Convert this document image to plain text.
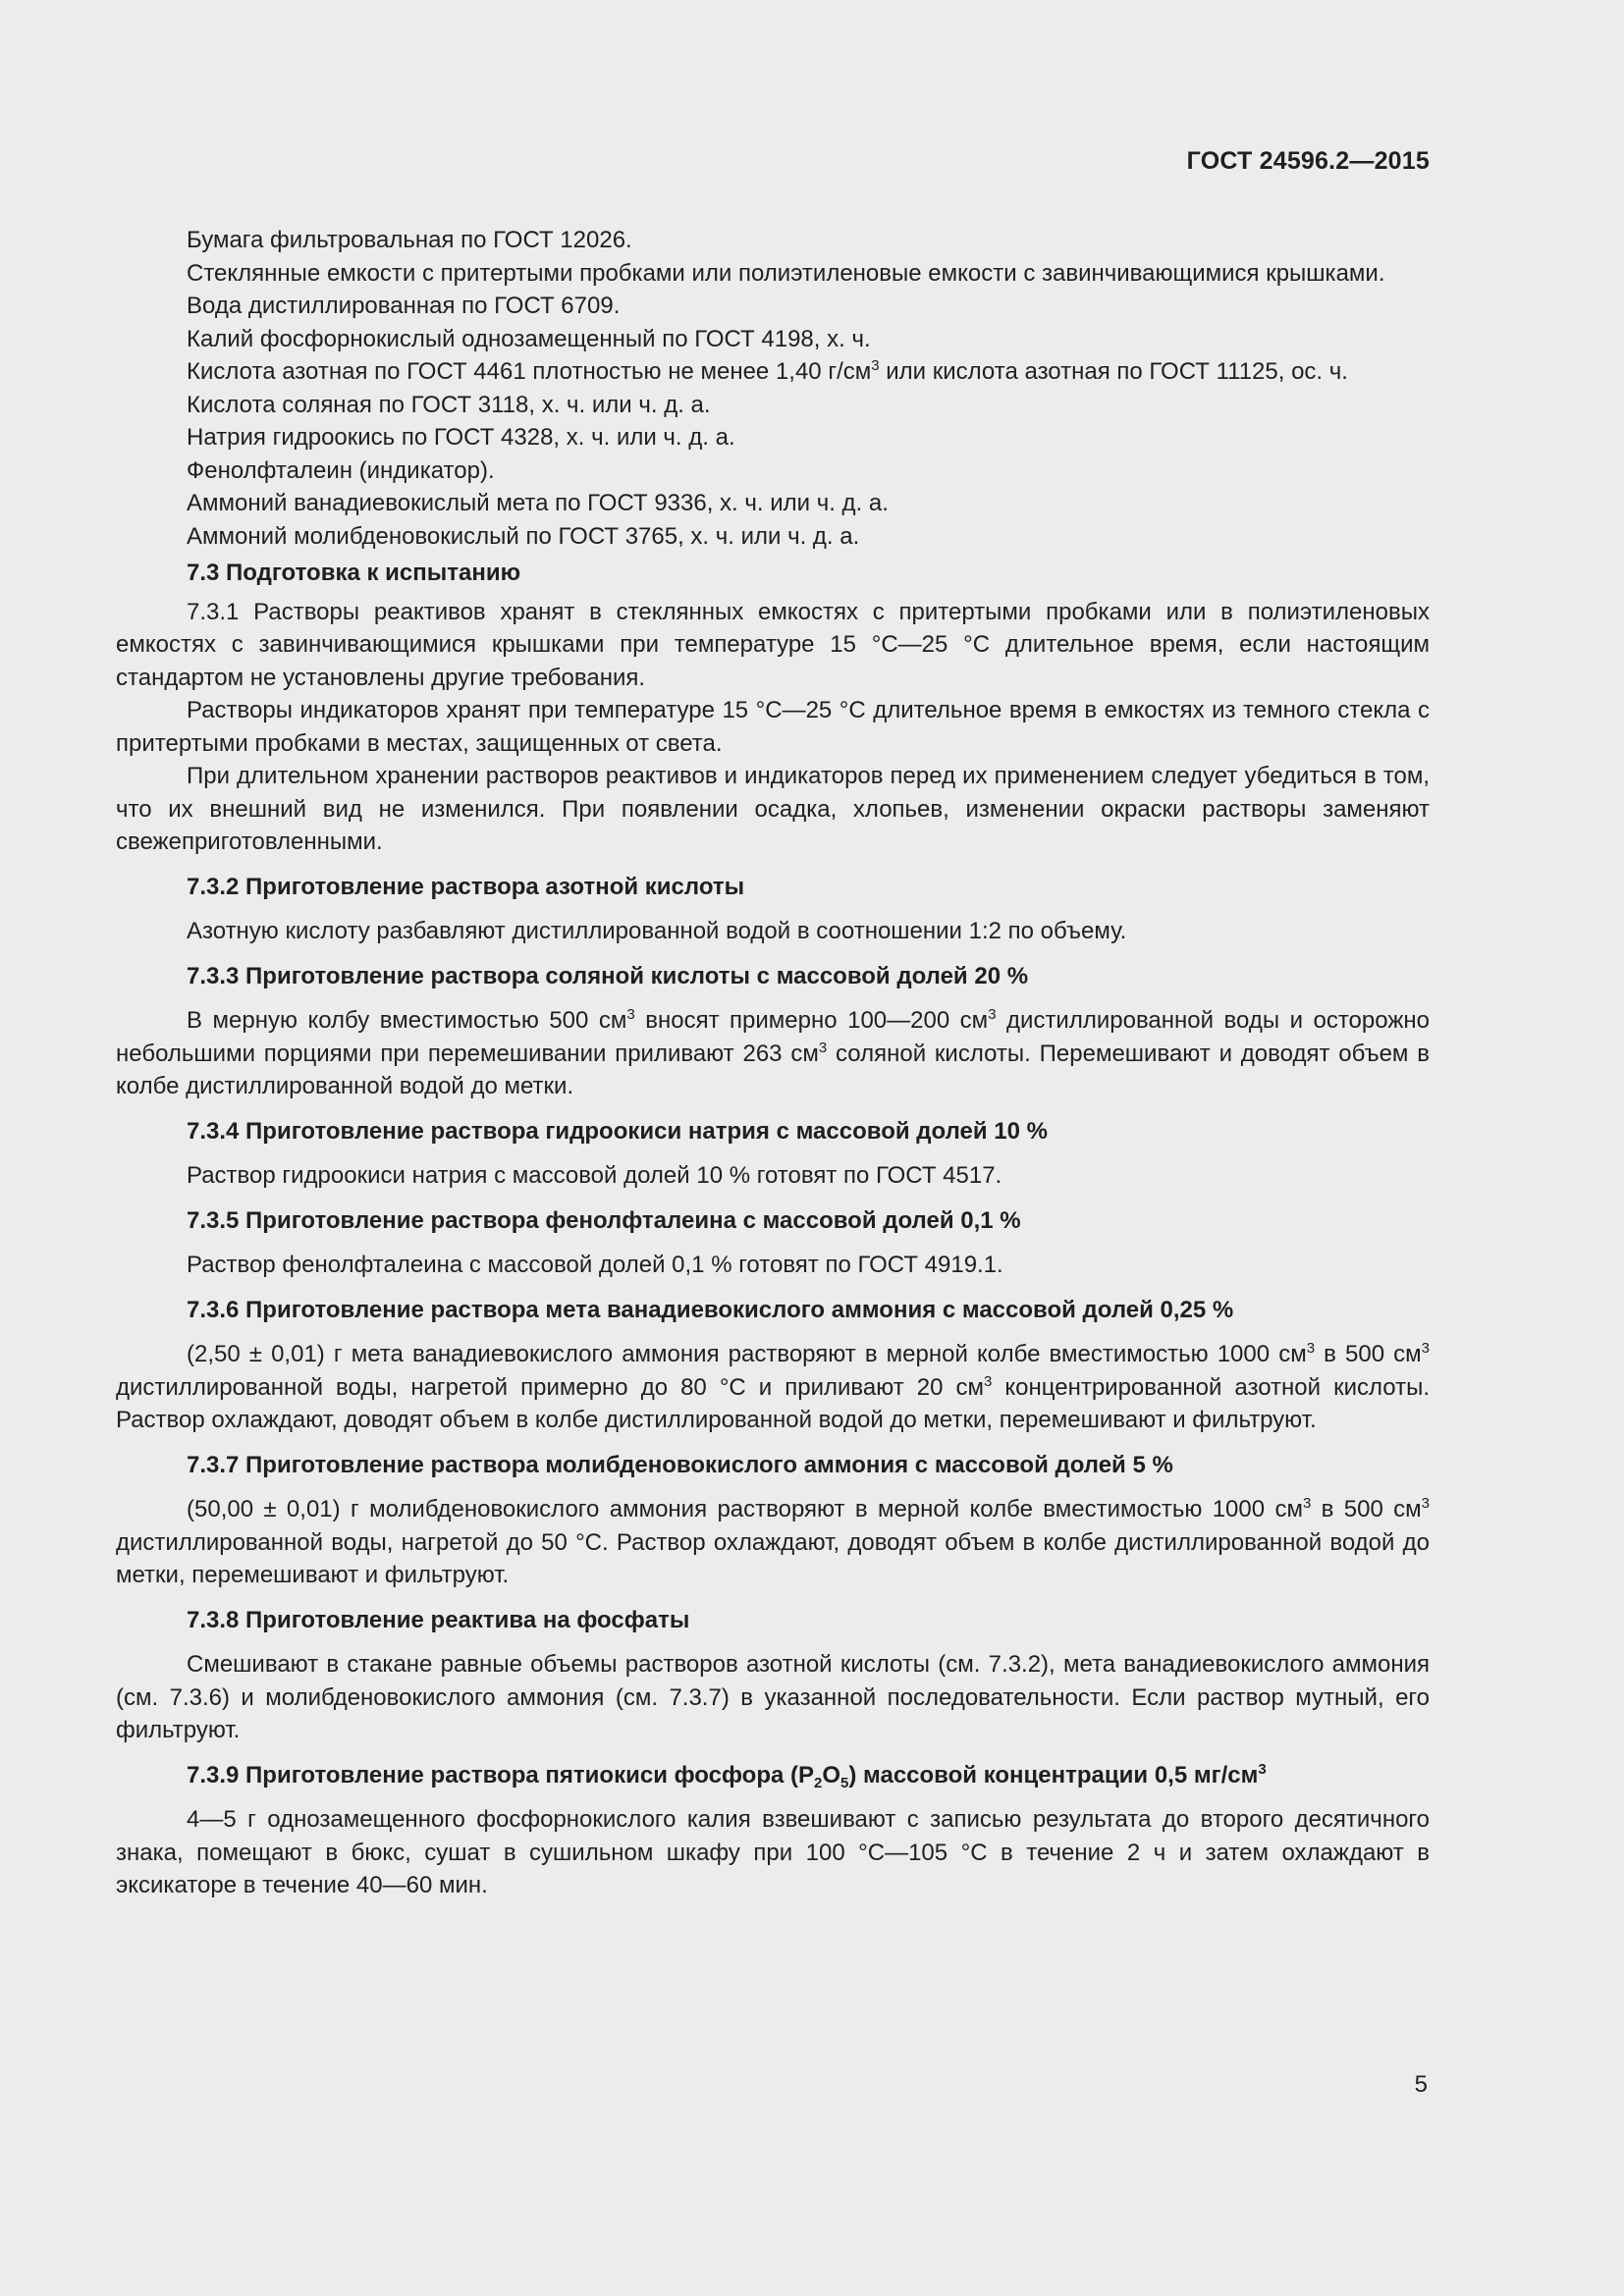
ГОСТ 24596.2—2015

Бумага фильтровальная по ГОСТ 12026.

Стеклянные емкости с притертыми пробками или полиэтиленовые емкости с завинчивающимися крышками.

Вода дистиллированная по ГОСТ 6709.

Калий фосфорнокислый однозамещенный по ГОСТ 4198, х. ч.

Кислота азотная по ГОСТ 4461 плотностью не менее 1,40 $г/см^3$ или кислота азотная по ГОСТ 11125, ос. ч.

Кислота соляная по ГОСТ 3118, х. ч. или ч. д. а.

Натрия гидроокись по ГОСТ 4328, х. ч. или ч. д. а.

Фенолфталеин (индикатор).

Аммоний ванадиевокислый мета по ГОСТ 9336, х. ч. или ч. д. а.

Аммоний молибденовокислый по ГОСТ 3765, х. ч. или ч. д. а.

7.3 Подготовка к испытанию

7.3.1 Растворы реактивов хранят в стеклянных емкостях с притертыми пробками или в полиэтиленовых емкостях с завинчивающимися крышками при температуре 15 °С—25 °С длительное время, если настоящим стандартом не установлены другие требования.

Растворы индикаторов хранят при температуре 15 °С—25 °С длительное время в емкостях из темного стекла с притертыми пробками в местах, защищенных от света.

При длительном хранении растворов реактивов и индикаторов перед их применением следует убедиться в том, что их внешний вид не изменился. При появлении осадка, хлопьев, изменении окраски растворы заменяют свежеприготовленными.

7.3.2 Приготовление раствора азотной кислоты

Азотную кислоту разбавляют дистиллированной водой в соотношении 1:2 по объему.

7.3.3 Приготовление раствора соляной кислоты с массовой долей 20 %

В мерную колбу вместимостью 500 $см^3$ вносят примерно 100—200 $см^3$ дистиллированной воды и осторожно небольшими порциями при перемешивании приливают 263 $см^3$ соляной кислоты. Перемешивают и доводят объем в колбе дистиллированной водой до метки.

7.3.4 Приготовление раствора гидроокиси натрия с массовой долей 10 %

Раствор гидроокиси натрия с массовой долей 10 % готовят по ГОСТ 4517.

7.3.5 Приготовление раствора фенолфталеина с массовой долей 0,1 %

Раствор фенолфталеина с массовой долей 0,1 % готовят по ГОСТ 4919.1.

7.3.6 Приготовление раствора мета ванадиевокислого аммония с массовой долей 0,25 %

(2,50 ± 0,01) г мета ванадиевокислого аммония растворяют в мерной колбе вместимостью 1000 $см^3$ в 500 $см^3$ дистиллированной воды, нагретой примерно до 80 °С и приливают 20 $см^3$ концентрированной азотной кислоты. Раствор охлаждают, доводят объем в колбе дистиллированной водой до метки, перемешивают и фильтруют.

7.3.7 Приготовление раствора молибденовокислого аммония с массовой долей 5 %

(50,00 ± 0,01) г молибденовокислого аммония растворяют в мерной колбе вместимостью 1000 $см^3$ в 500 $см^3$ дистиллированной воды, нагретой до 50 °С. Раствор охлаждают, доводят объем в колбе дистиллированной водой до метки, перемешивают и фильтруют.

7.3.8 Приготовление реактива на фосфаты

Смешивают в стакане равные объемы растворов азотной кислоты (см. 7.3.2), мета ванадиевокислого аммония (см. 7.3.6) и молибденовокислого аммония (см. 7.3.7) в указанной последовательности. Если раствор мутный, его фильтруют.

7.3.9 Приготовление раствора пятиокиси фосфора $(P_2O_5)$ массовой концентрации 0,5 $мг/см^3$

4—5 г однозамещенного фосфорнокислого калия взвешивают с записью результата до второго десятичного знака, помещают в бюкс, сушат в сушильном шкафу при 100 °С—105 °С в течение 2 ч и затем охлаждают в эксикаторе в течение 40—60 мин.

5
